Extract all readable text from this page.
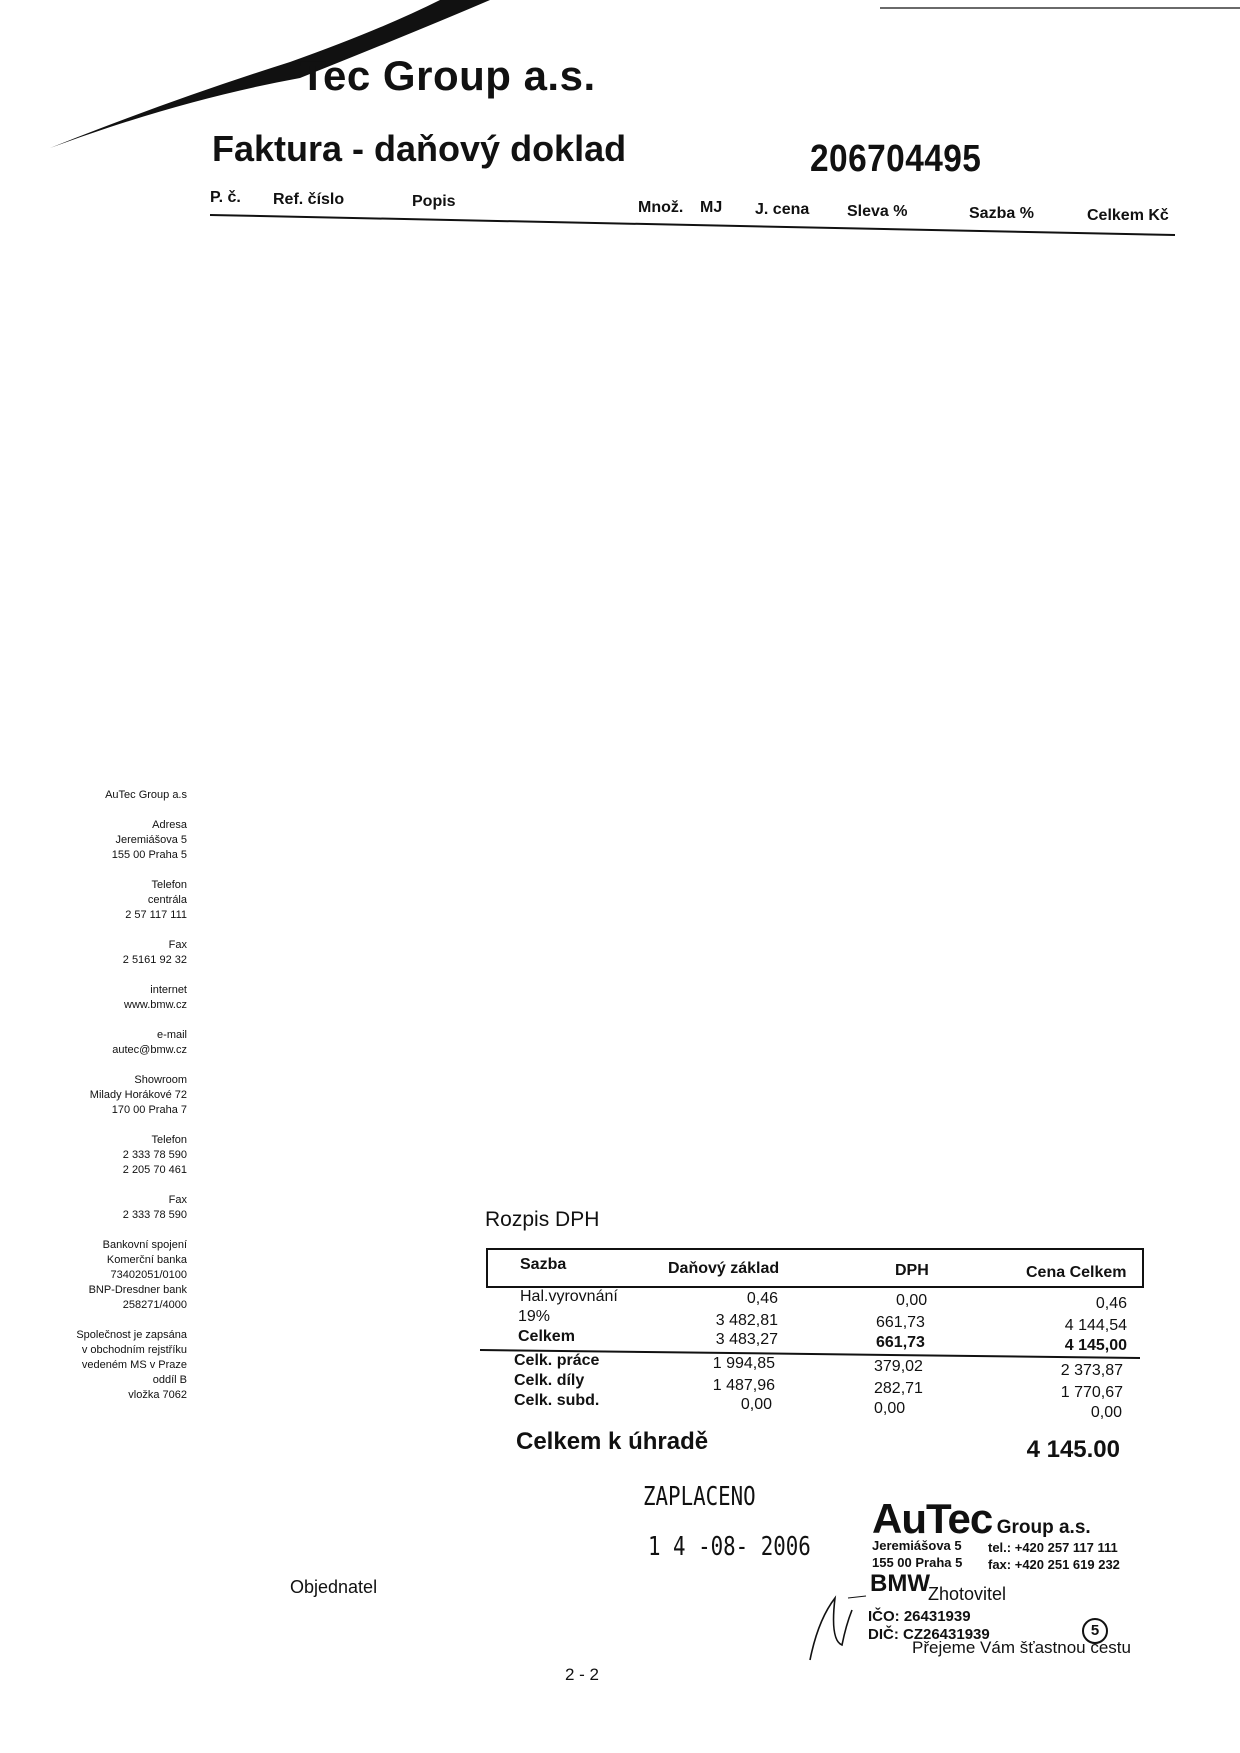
Tec Group a.s.
Faktura - daňový doklad	206704495
P. č. Ref. číslo	Popis	Množ. MJ J. cena Sleva %	Sazba %	Celkem Kč
AuTec Group a.s
Adresa
Jeremiášova 5
155 00 Praha 5
Telefon
centrála
2 57 117 111
Fax
2 5161 92 32
internet
www.bmw.cz
e-mail
autec@bmw.cz
Showroom
Milady Horákové 72
170 00 Praha 7
Telefon
2 333 78 590
2 205 70 461
Fax
2 333 78 590
Bankovní spojení
Komerční banka
73402051/0100
BNP-Dresdner bank
258271/4000
Společnost je zapsána
v obchodním rejstříku
vedeném MS v Praze
oddíl B
vložka 7062
Rozpis DPH
Sazba	Daňový základ	DPH	Cena Celkem
Hal.vyrovnání	0,46	0,00	0,46
19%	3 482,81	661,73	4 144,54
Celkem	3 483,27	661,73	4 145,00
Celk. práce	1 994,85	379,02	2 373,87
Celk. díly	1 487,96	282,71	1 770,67
Celk. subd.	0,00	0,00	0,00
Celkem k úhradě	4 145.00
ZAPLACENO
1 4 -08- 2006
AuTec Group a.s.
Jeremiášova 5
155 00 Praha 5
tel.: +420 257 117 111
fax: +420 251 619 232
BMW
Zhotovitel
IČO: 26431939
DIČ: CZ26431939
Přejeme Vám šťastnou cestu
5
Objednatel
2 - 2
